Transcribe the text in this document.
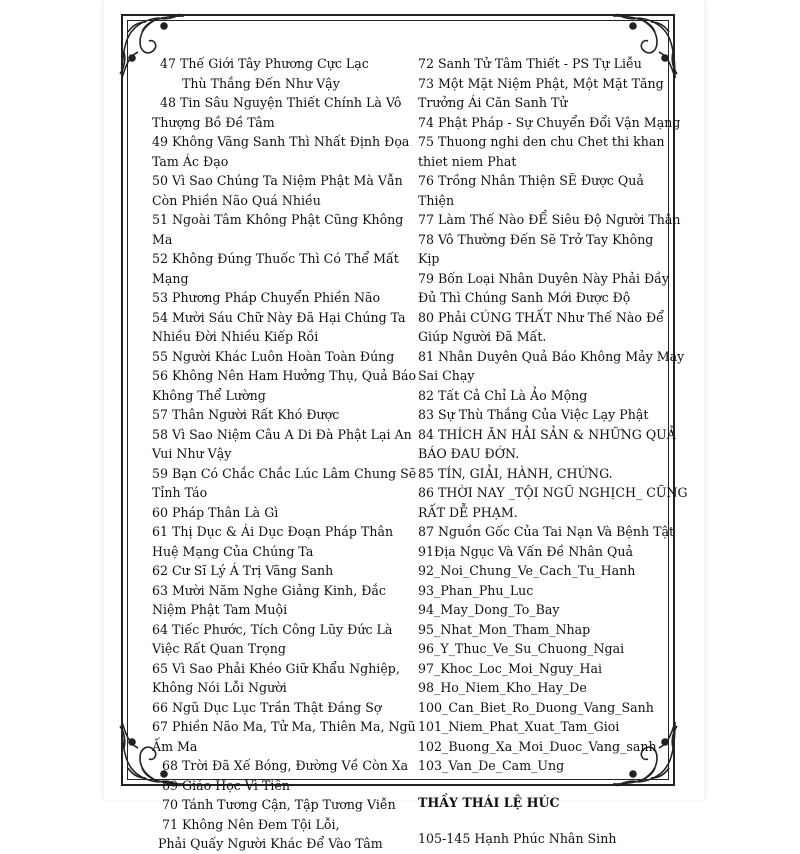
47 Thế Giới Tây Phương Cực Lạc
Thù Thắng Đến Như Vậy
48 Tin Sâu Nguyện Thiết Chính Là Vô
Thượng Bồ Đề Tâm
49 Không Vãng Sanh Thì Nhất Định Đọa
Tam Ác Đạo
50 Vì Sao Chúng Ta Niệm Phật Mà Vẫn
Còn Phiền Não Quá Nhiều
51 Ngoài Tâm Không Phật Cũng Không
Ma
52 Không Đúng Thuốc Thì Có Thể Mất
Mạng
53 Phương Pháp Chuyển Phiền Não
54 Mười Sáu Chữ Này Đã Hại Chúng Ta
Nhiều Đời Nhiều Kiếp Rồi
55 Người Khác Luôn Hoàn Toàn Đúng
56 Không Nên Ham Hưởng Thụ, Quả Báo
Không Thể Lường
57 Thân Người Rất Khó Được
58 Vì Sao Niệm Câu A Di Đà Phật Lại An
Vui Như Vậy
59 Bạn Có Chắc Chắc Lúc Lâm Chung Sẽ
Tỉnh Táo
60 Pháp Thân Là Gì
61 Thị Dục & Ái Dục Đoạn Pháp Thân
Huệ Mạng Của Chúng Ta
62 Cư Sĩ Lý Á Trị Vãng Sanh
63 Mười Năm Nghe Giảng Kinh, Đắc
Niệm Phật Tam Muội
64 Tiếc Phước, Tích Công Lũy Đức Là
Việc Rất Quan Trọng
65 Vì Sao Phải Khéo Giữ Khẩu Nghiệp,
Không Nói Lỗi Người
66 Ngũ Dục Lục Trần Thật Đáng Sợ
67 Phiền Não Ma, Tử Ma, Thiên Ma, Ngũ
Ấm Ma
68 Trời Đã Xế Bóng, Đường Về Còn Xa
69 Giáo Học Vì Tiên
70 Tánh Tương Cận, Tập Tương Viễn
71 Không Nên Đem Tội Lỗi,
Phải Quấy Người Khác Để Vào Tâm
72 Sanh Tử Tâm Thiết - PS Tự Liễu
73 Một Mặt Niệm Phật, Một Mặt Tăng
Trưởng Ái Căn Sanh Tử
74 Phật Pháp - Sự Chuyển Đổi Vận Mạng
75 Thuong nghi den chu Chet thi khan
thiet niem Phat
76 Trồng Nhân Thiện SẼ Được Quả
Thiện
77 Làm Thế Nào ĐỂ Siêu Độ Người Thân
78 Vô Thường Đến Sẽ Trở Tay Không
Kịp
79 Bốn Loại Nhân Duyên Này Phải Đầy
Đủ Thì Chúng Sanh Mới Được Độ
80 Phải CÚNG THẤT Như Thế Nào Để
Giúp Người Đã Mất.
81 Nhân Duyên Quả Báo Không Mảy May
Sai Chạy
82 Tất Cả Chỉ Là Ảo Mộng
83 Sự Thù Thắng Của Việc Lạy Phật
84 THÍCH ĂN HẢI SẢN & NHỮNG QUẢ
BÁO ĐAU ĐỚN.
85 TÍN, GIẢI, HÀNH, CHỨNG.
86 THỜI NAY _TỘI NGŨ NGHỊCH_ CŨNG
RẤT DỄ PHẠM.
87 Nguồn Gốc Của Tai Nạn Và Bệnh Tật
91Địa Ngục Và Vấn Đề Nhân Quả
92_Noi_Chung_Ve_Cach_Tu_Hanh
93_Phan_Phu_Luc
94_May_Dong_To_Bay
95_Nhat_Mon_Tham_Nhap
96_Y_Thuc_Ve_Su_Chuong_Ngai
97_Khoc_Loc_Moi_Nguy_Hai
98_Ho_Niem_Kho_Hay_De
100_Can_Biet_Ro_Duong_Vang_Sanh
101_Niem_Phat_Xuat_Tam_Gioi
102_Buong_Xa_Moi_Duoc_Vang_sanh
103_Van_De_Cam_Ung
THẦY THÁI LỆ HÚC
105-145 Hạnh Phúc Nhân Sinh
